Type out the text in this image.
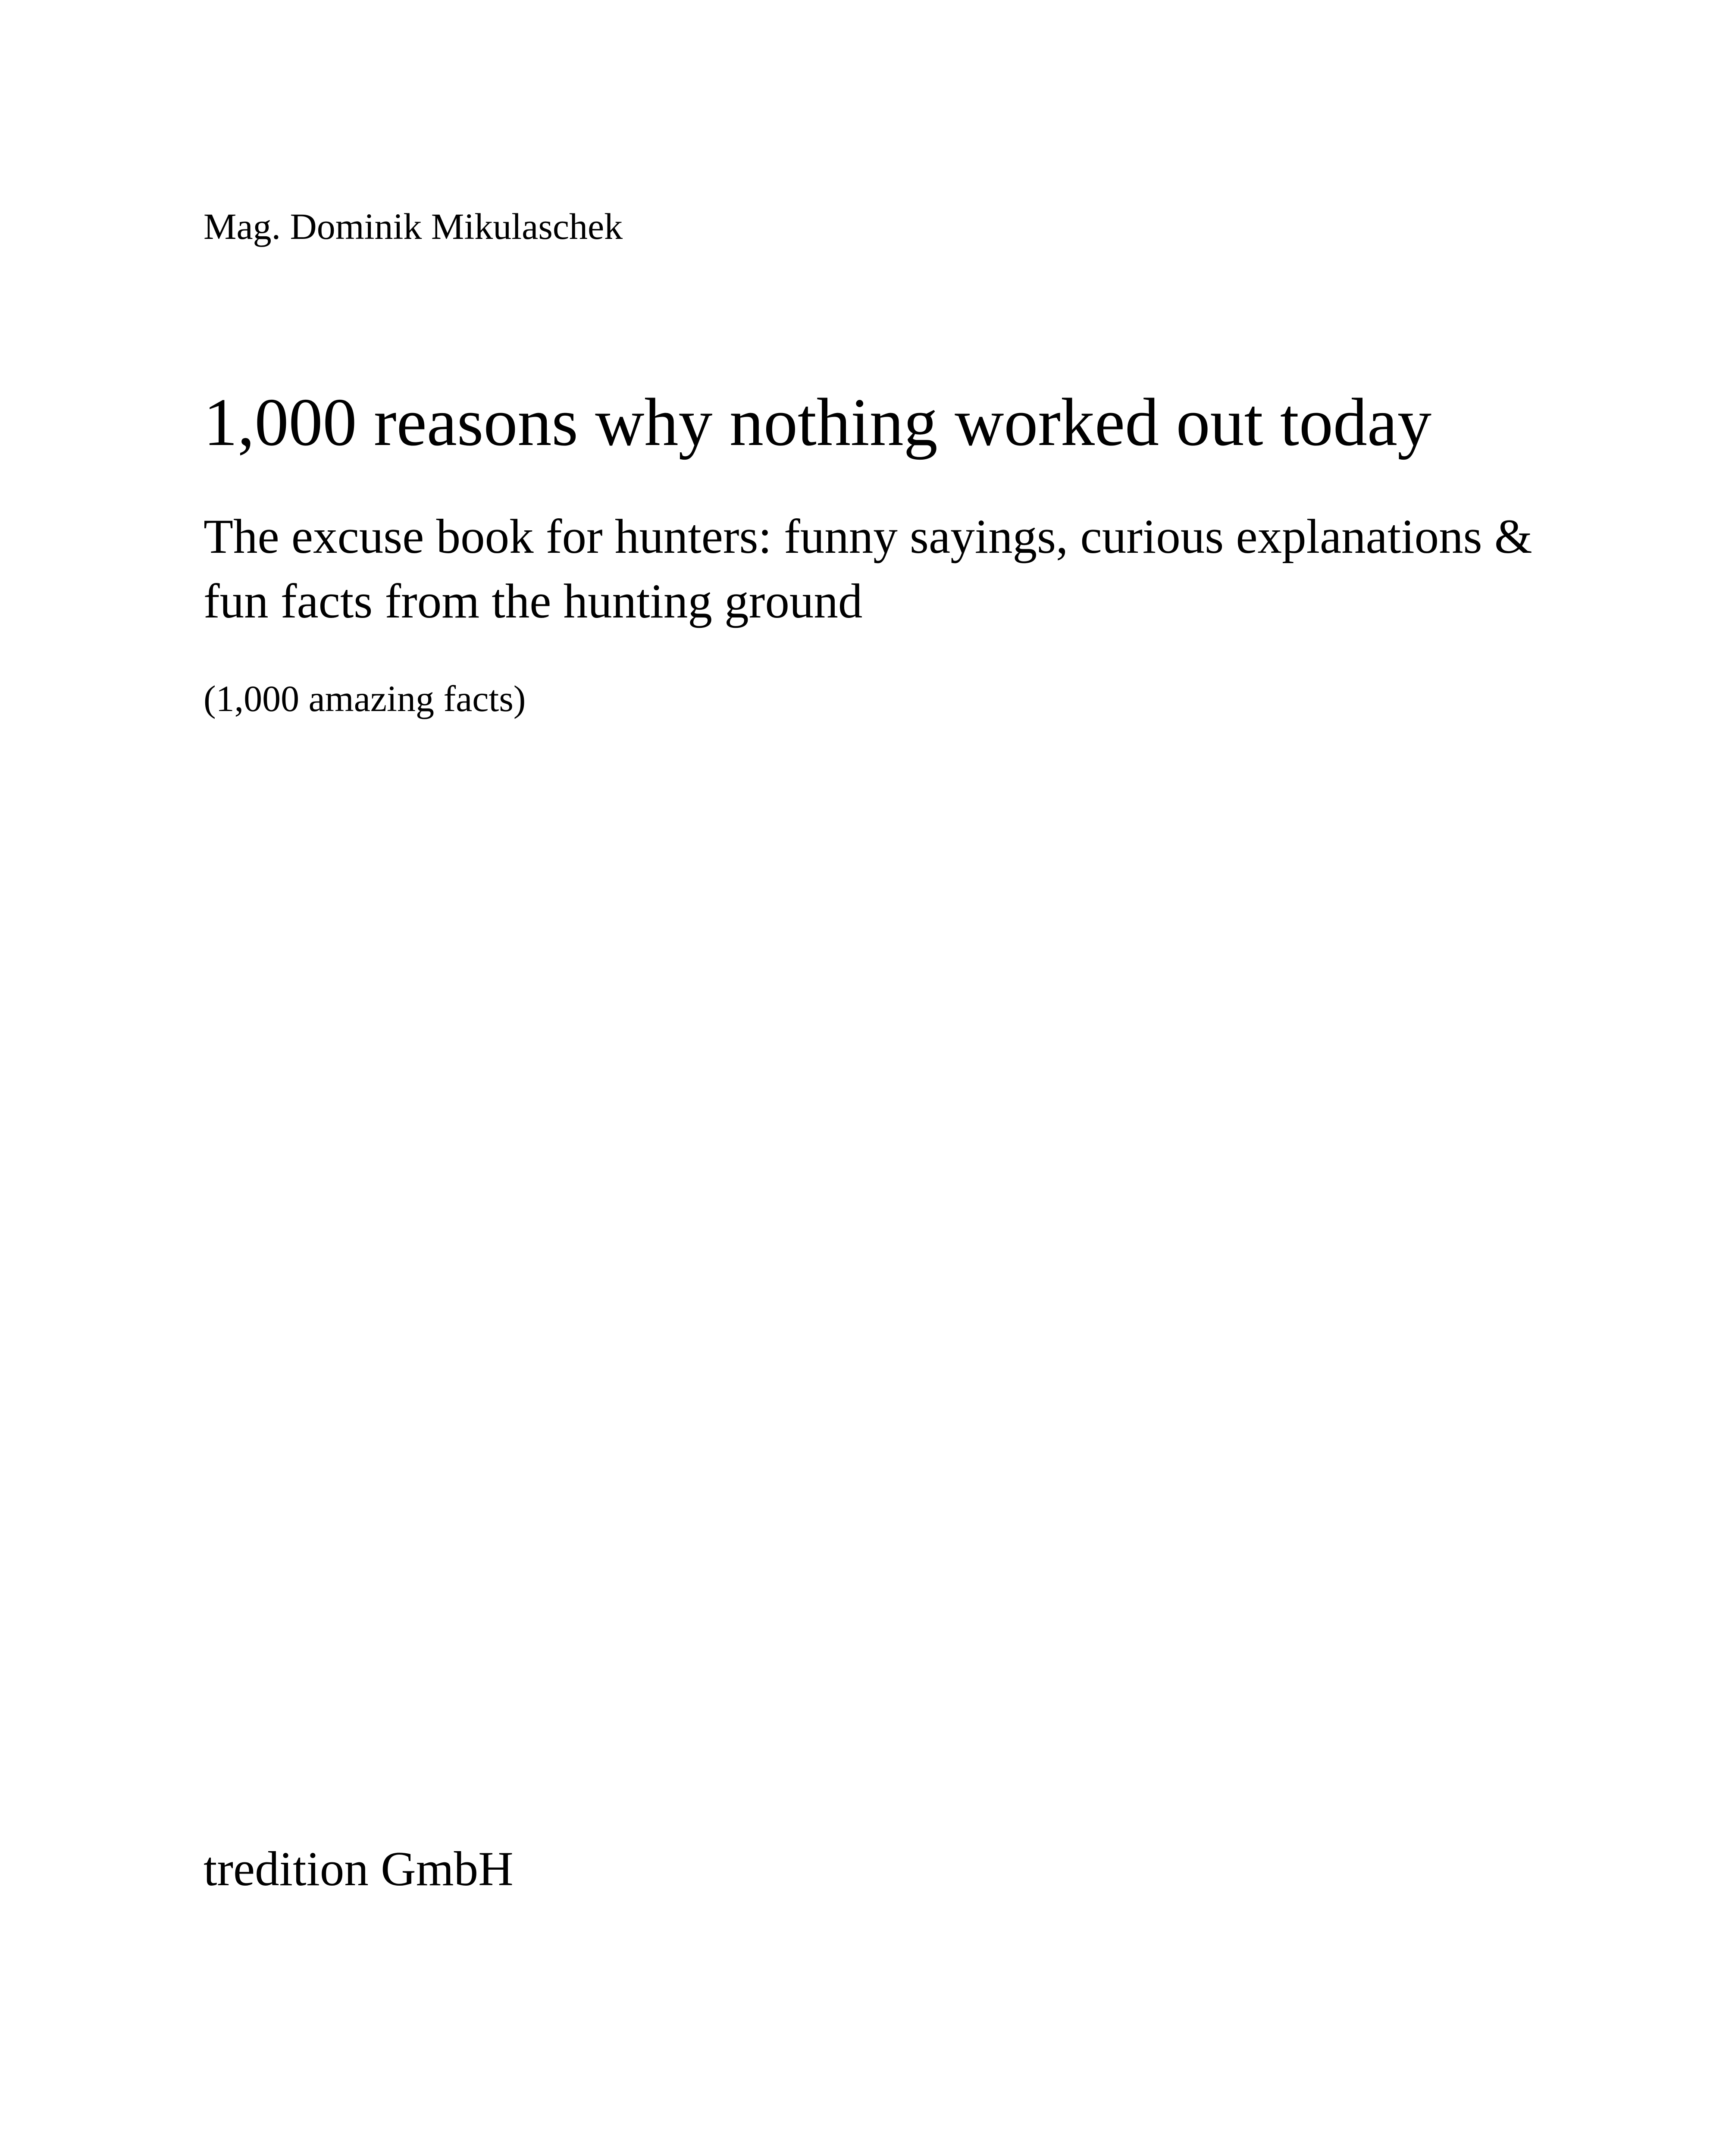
Mag. Dominik Mikulaschek
1,000 reasons why nothing worked out today
The excuse book for hunters: funny sayings, curious explanations & fun facts from the hunting ground
(1,000 amazing facts)
tredition GmbH
